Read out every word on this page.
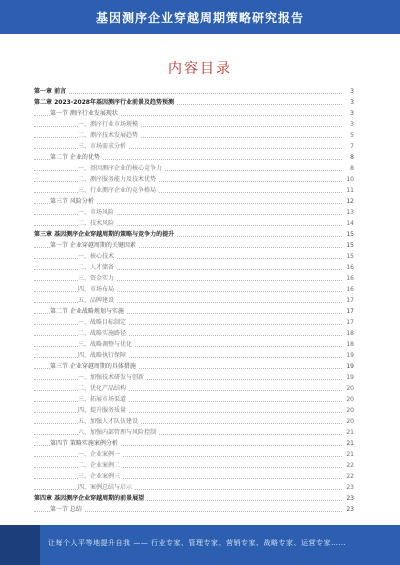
基因测序企业穿越周期策略研究报告
内容目录
第一章 前言	3
第二章 2023-2028年基因测序行业前景及趋势预测	3
第一节 测序行业发展现状	3
一、测序行业市场规模	3
二、测序技术发展趋势	5
三、市场需求分析	7
第二节 企业的优势	8
一、基因测序企业的核心竞争力	8
二、测序服务能力及技术优势	10
三、行业测序企业的竞争格局	11
第三节 风险分析	12
一、市场风险	13
二、技术风险	14
第三章 基因测序企业穿越周期的策略与竞争力的提升	15
第一节 企业穿越周期的关键因素	15
一、核心技术	15
二、人才储备	16
三、资金实力	16
四、市场布局	16
五、品牌建设	17
第二节 企业战略规划与实施	17
一、战略目标制定	17
二、战略实施路径	18
三、战略调整与优化	18
四、战略执行保障	19
第三节 企业穿越周期的具体措施	19
一、加强技术研发与创新	19
二、优化产品结构	20
三、拓展市场渠道	20
四、提升服务质量	20
五、加强人才队伍建设	20
六、加强内部管理与风险控制	21
第四节 策略实施案例分析	21
一、企业案例一	21
二、企业案例二	22
三、企业案例三	22
四、案例总结与启示	23
第四章 基因测序企业穿越周期的前景展望	23
第一节 总结	23
让每个人平等地提升自我 —— 行业专家、管理专家、营销专家、战略专家、运营专家……
